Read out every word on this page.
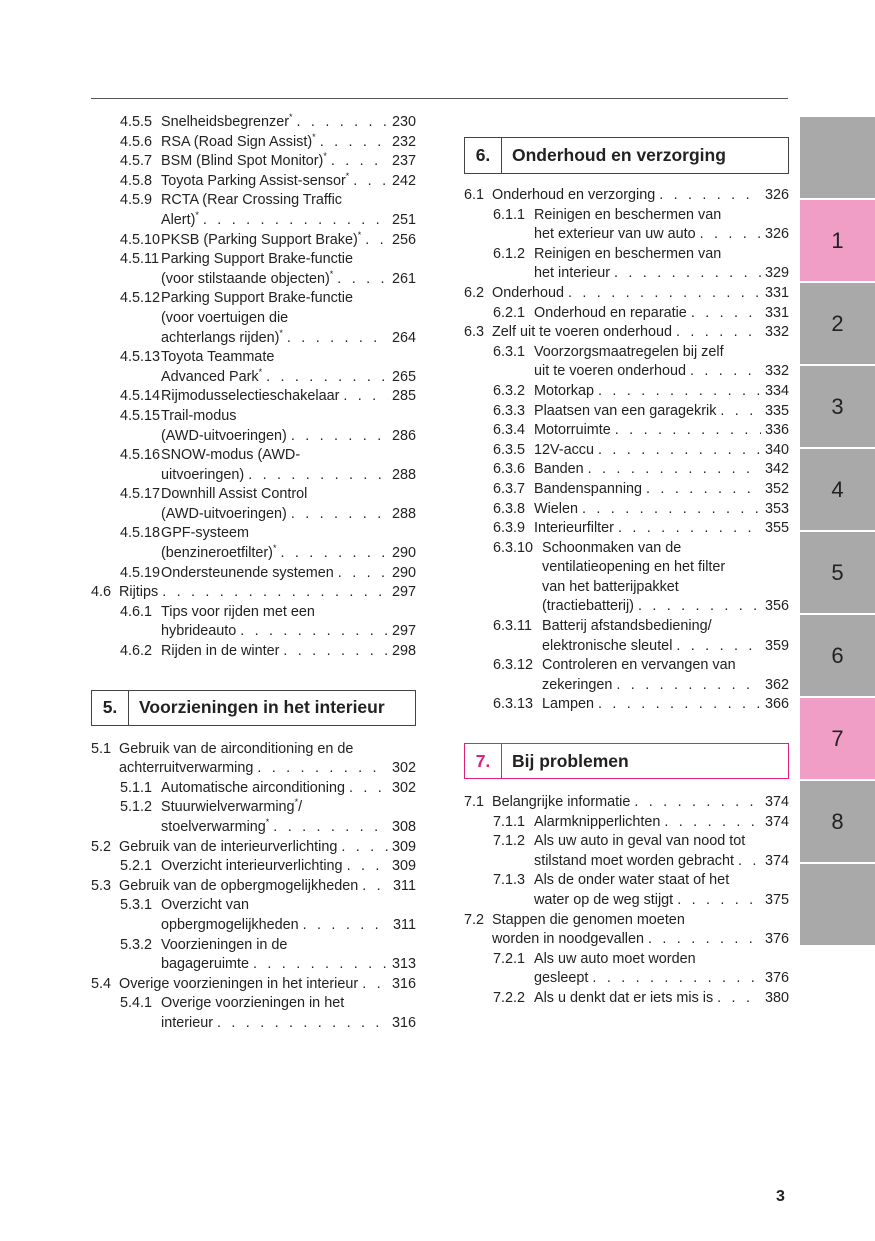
4.5.5 Snelheidsbegrenzer* . . .	230
4.5.6 RSA (Road Sign Assist)* . . .	232
4.5.7 BSM (Blind Spot Monitor)* . . .	237
4.5.8 Toyota Parking Assist-sensor* . . .	242
4.5.9 RCTA (Rear Crossing Traffic
Alert)* . . .	251
4.5.10 PKSB (Parking Support Brake)* . . . 256
4.5.11 Parking Support Brake-functie
(voor stilstaande objecten)* . . .	261
4.5.12 Parking Support Brake-functie
(voor voertuigen die
achterlangs rijden)* . . .	264
4.5.13 Toyota Teammate
Advanced Park* . . .	265
4.5.14 Rijmodusselectieschakelaar . . .	285
4.5.15 Trail-modus
(AWD-uitvoeringen) . . .	286
4.5.16 SNOW-modus (AWD-
uitvoeringen) . . .	288
4.5.17 Downhill Assist Control
(AWD-uitvoeringen) . . .	288
4.5.18 GPF-systeem
(benzineroetfilter)* . . .	290
4.5.19 Ondersteunende systemen . . .	290
4.6 Rijtips . . .	297
4.6.1 Tips voor rijden met een
hybrideauto . . .	297
4.6.2 Rijden in de winter . . .	298
5.	Voorzieningen in het interieur
5.1 Gebruik van de airconditioning en de
achterruitverwarming . . .	302
5.1.1 Automatische airconditioning . . .	302
5.1.2 Stuurwielverwarming*/
stoelverwarming* . . .	308
5.2 Gebruik van de interieurverlichting . . .	309
5.2.1 Overzicht interieurverlichting . . .	309
5.3 Gebruik van de opbergmogelijkheden . . . 311
5.3.1 Overzicht van
opbergmogelijkheden . . .	311
5.3.2 Voorzieningen in de
bagageruimte . . .	313
5.4 Overige voorzieningen in het interieur . . . 316
5.4.1 Overige voorzieningen in het
interieur . . .	316
6.	Onderhoud en verzorging
6.1 Onderhoud en verzorging . . .	326
6.1.1 Reinigen en beschermen van
het exterieur van uw auto . . .	326
6.1.2 Reinigen en beschermen van
het interieur . . .	329
6.2 Onderhoud . . .	331
6.2.1 Onderhoud en reparatie . . .	331
6.3 Zelf uit te voeren onderhoud . . .	332
6.3.1 Voorzorgsmaatregelen bij zelf
uit te voeren onderhoud . . .	332
6.3.2 Motorkap . . .	334
6.3.3 Plaatsen van een garagekrik . . .	335
6.3.4 Motorruimte . . .	336
6.3.5 12V-accu . . .	340
6.3.6 Banden . . .	342
6.3.7 Bandenspanning . . .	352
6.3.8 Wielen . . .	353
6.3.9 Interieurfilter . . .	355
6.3.10 Schoonmaken van de
ventilatieopening en het filter
van het batterijpakket
(tractiebatterij) . . .	356
6.3.11 Batterij afstandsbediening/
elektronische sleutel . . .	359
6.3.12 Controleren en vervangen van
zekeringen . . .	362
6.3.13 Lampen . . .	366
7.	Bij problemen
7.1 Belangrijke informatie . . .	374
7.1.1 Alarmknipperlichten . . .	374
7.1.2 Als uw auto in geval van nood tot
stilstand moet worden gebracht . . . 374
7.1.3 Als de onder water staat of het
water op de weg stijgt . . .	375
7.2 Stappen die genomen moeten
worden in noodgevallen . . .	376
7.2.1 Als uw auto moet worden
gesleept . . .	376
7.2.2 Als u denkt dat er iets mis is . . .	380
1
2
3
4
5
6
7
8
3
